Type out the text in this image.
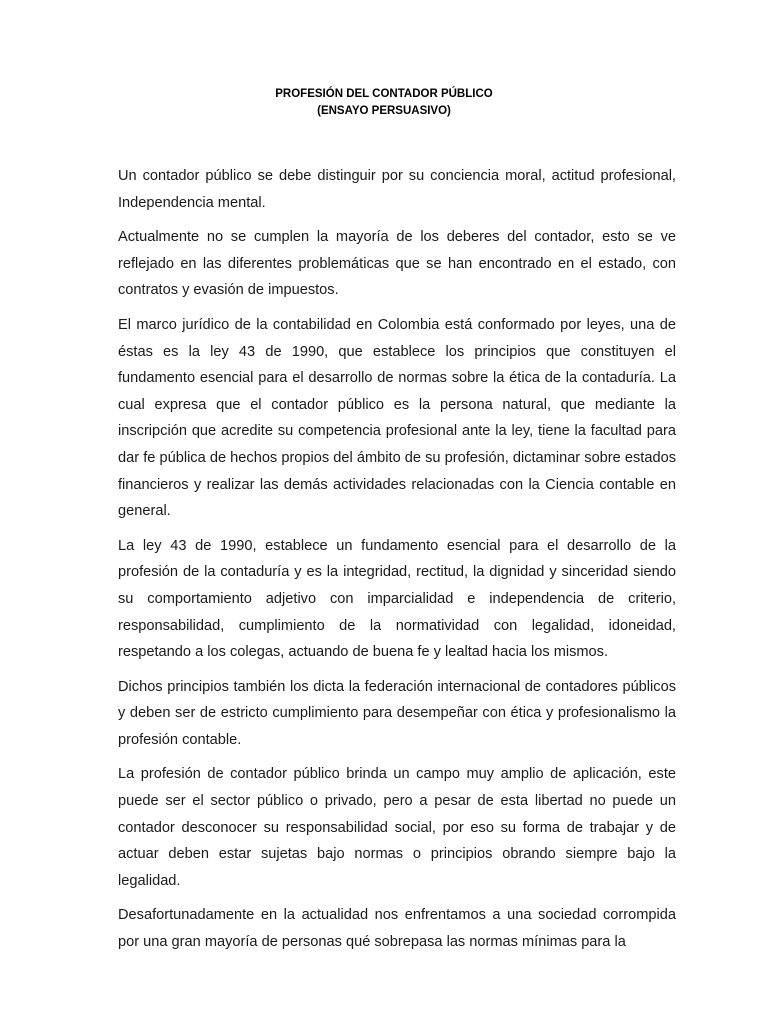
PROFESIÓN DEL CONTADOR PÚBLICO
(ENSAYO PERSUASIVO)

Un contador público se debe distinguir por su conciencia moral, actitud profesional, Independencia mental.

Actualmente no se cumplen la mayoría de los deberes del contador, esto se ve reflejado en las diferentes problemáticas que se han encontrado en el estado, con contratos y evasión de impuestos.

El marco jurídico de la contabilidad en Colombia está conformado por leyes, una de éstas es la ley 43 de 1990, que establece los principios que constituyen el fundamento esencial para el desarrollo de normas sobre la ética de la contaduría. La cual expresa que el contador público es la persona natural, que mediante la inscripción que acredite su competencia profesional ante la ley, tiene la facultad para dar fe pública de hechos propios del ámbito de su profesión, dictaminar sobre estados financieros y realizar las demás actividades relacionadas con la Ciencia contable en general.

La ley 43 de 1990, establece un fundamento esencial para el desarrollo de la profesión de la contaduría y es la integridad, rectitud, la dignidad y sinceridad siendo su comportamiento adjetivo con imparcialidad e independencia de criterio, responsabilidad, cumplimiento de la normatividad con legalidad, idoneidad, respetando a los colegas, actuando de buena fe y lealtad hacia los mismos.

Dichos principios también los dicta la federación internacional de contadores públicos y deben ser de estricto cumplimiento para desempeñar con ética y profesionalismo la profesión contable.

La profesión de contador público brinda un campo muy amplio de aplicación, este puede ser el sector público o privado, pero a pesar de esta libertad no puede un contador desconocer su responsabilidad social, por eso su forma de trabajar y de actuar deben estar sujetas bajo normas o principios obrando siempre bajo la legalidad.

Desafortunadamente en la actualidad nos enfrentamos a una sociedad corrompida por una gran mayoría de personas qué sobrepasa las normas mínimas para la
